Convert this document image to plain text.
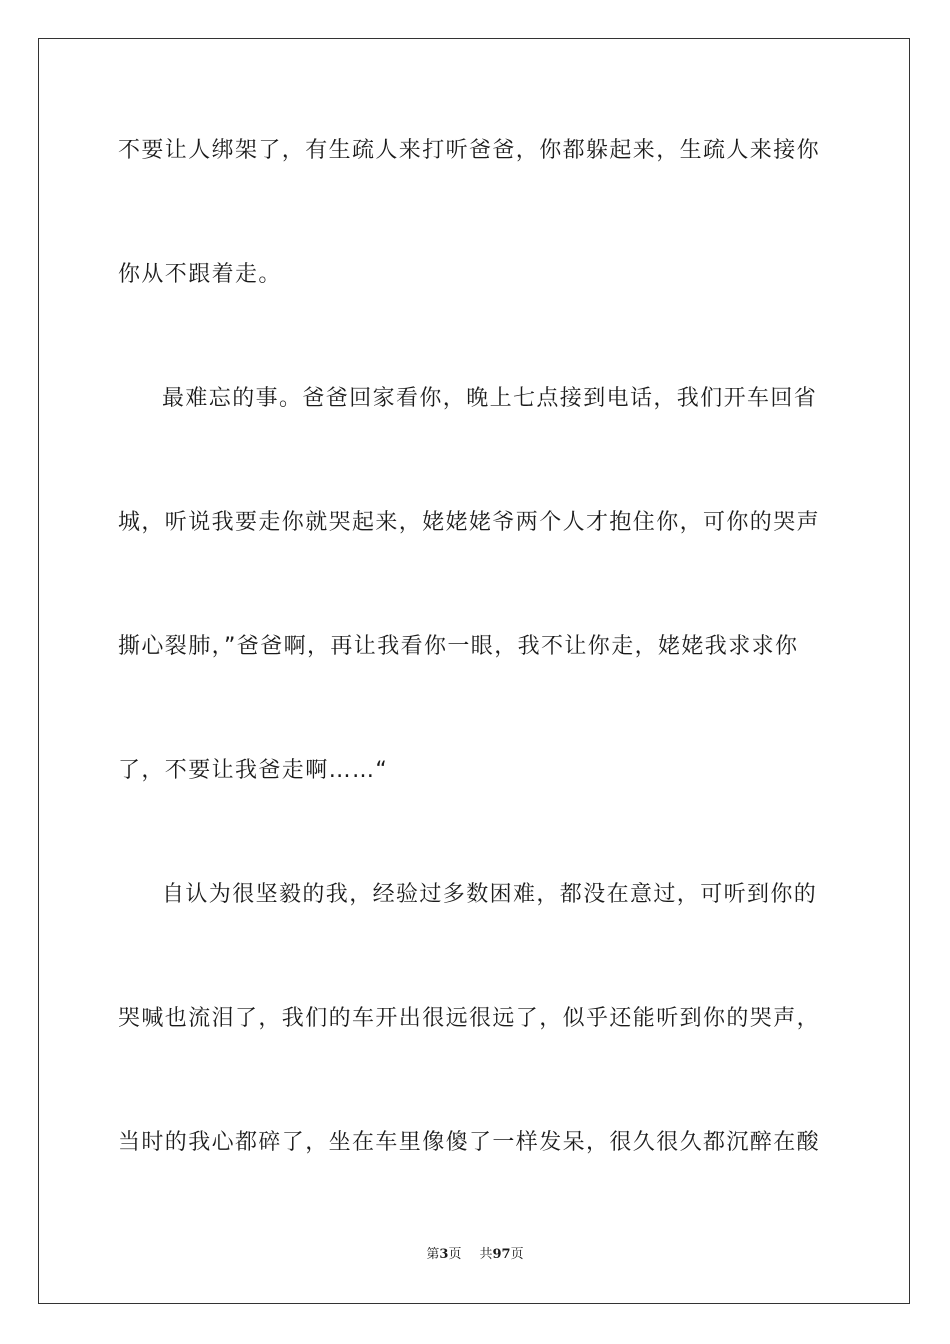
不要让人绑架了，有生疏人来打听爸爸，你都躲起来，生疏人来接你
你从不跟着走。
最难忘的事。爸爸回家看你，晚上七点接到电话，我们开车回省
城，听说我要走你就哭起来，姥姥姥爷两个人才抱住你，可你的哭声
撕心裂肺，”爸爸啊，再让我看你一眼，我不让你走，姥姥我求求你
了，不要让我爸走啊……“
自认为很坚毅的我，经验过多数困难，都没在意过，可听到你的
哭喊也流泪了，我们的车开出很远很远了，似乎还能听到你的哭声，
当时的我心都碎了，坐在车里像傻了一样发呆，很久很久都沉醉在酸
第3页 共97页
